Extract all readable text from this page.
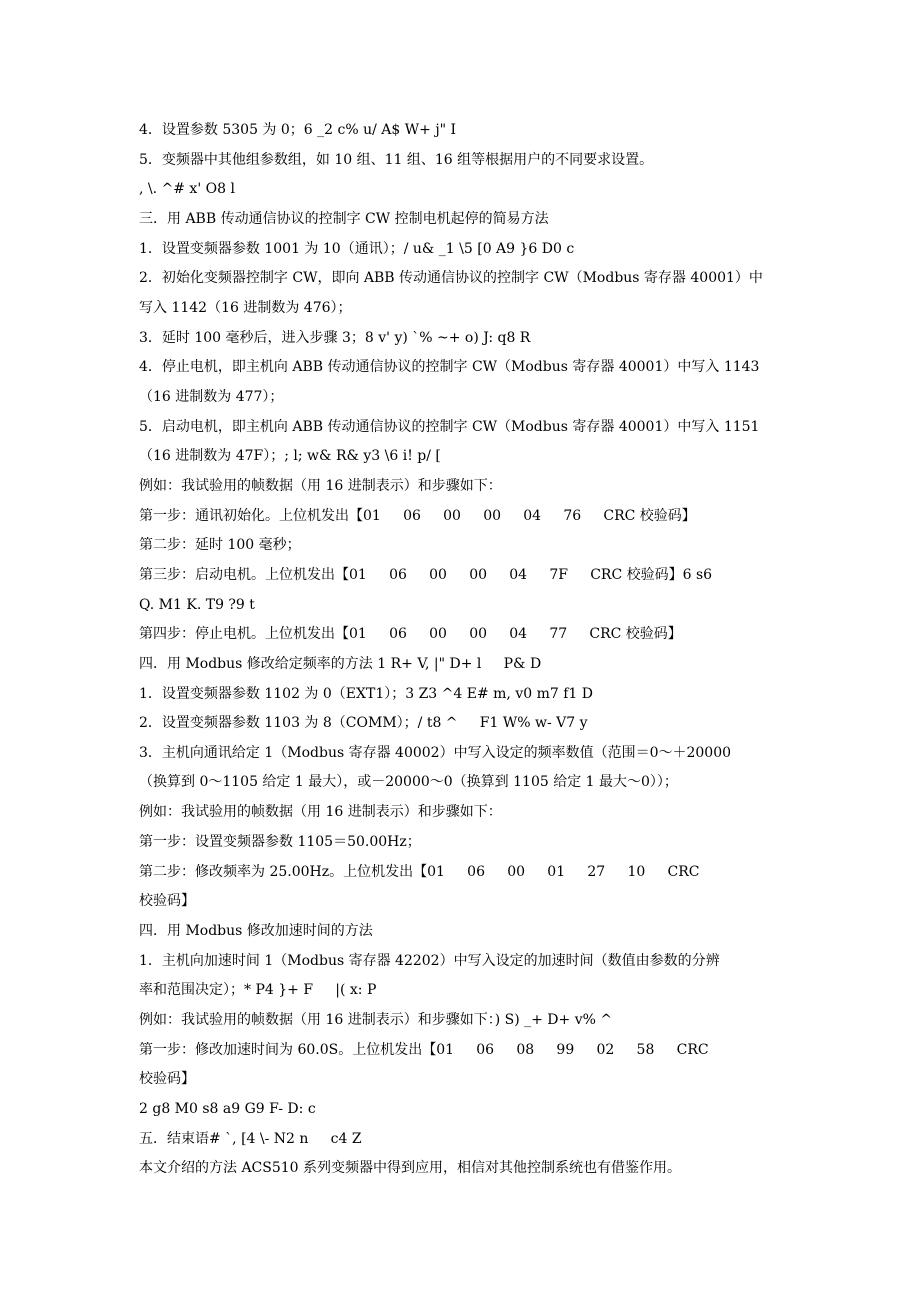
4．设置参数 5305 为 0；6 _2 c% u/ A$ W+ j" I
5．变频器中其他组参数组，如 10 组、11 组、16 组等根据用户的不同要求设置。
, \. ^# x' O8 l
三．用 ABB 传动通信协议的控制字 CW 控制电机起停的简易方法
1．设置变频器参数 1001 为 10（通讯）；/ u& _1 \5 [0 A9 }6 D0 c
2．初始化变频器控制字 CW，即向 ABB 传动通信协议的控制字 CW（Modbus 寄存器 40001）中
写入 1142（16 进制数为 476）；
3．延时 100 毫秒后，进入步骤 3；8 v' y) `% ~+ o) J: q8 R
4．停止电机，即主机向 ABB 传动通信协议的控制字 CW（Modbus 寄存器 40001）中写入 1143
（16 进制数为 477）；
5．启动电机，即主机向 ABB 传动通信协议的控制字 CW（Modbus 寄存器 40001）中写入 1151
（16 进制数为 47F）；; l; w& R& y3 \6 i! p/ [
例如：我试验用的帧数据（用 16 进制表示）和步骤如下：
第一步：通讯初始化。上位机发出【01     06     00     00     04     76     CRC 校验码】
第二步：延时 100 毫秒；
第三步：启动电机。上位机发出【01     06     00     00     04     7F     CRC 校验码】6 s6
Q. M1 K. T9 ?9 t
第四步：停止电机。上位机发出【01     06     00     00     04     77     CRC 校验码】
四．用 Modbus 修改给定频率的方法 1 R+ V, |" D+ l     P& D
1．设置变频器参数 1102 为 0（EXT1）；3 Z3 ^4 E# m, v0 m7 f1 D
2．设置变频器参数 1103 为 8（COMM）；/ t8 ^     F1 W% w- V7 y
3．主机向通讯给定 1（Modbus 寄存器 40002）中写入设定的频率数值（范围＝0～＋20000
（换算到 0～1105 给定 1 最大），或－20000～0（换算到 1105 给定 1 最大～0））；
例如：我试验用的帧数据（用 16 进制表示）和步骤如下：
第一步：设置变频器参数 1105＝50.00Hz；
第二步：修改频率为 25.00Hz。上位机发出【01     06     00     01     27     10     CRC
校验码】
四．用 Modbus 修改加速时间的方法
1．主机向加速时间 1（Modbus 寄存器 42202）中写入设定的加速时间（数值由参数的分辨
率和范围决定）；* P4 }+ F     |( x: P
例如：我试验用的帧数据（用 16 进制表示）和步骤如下：) S) _+ D+ v% ^
第一步：修改加速时间为 60.0S。上位机发出【01     06     08     99     02     58     CRC
校验码】
2 g8 M0 s8 a9 G9 F- D: c
五．结束语# `, [4 \- N2 n     c4 Z
本文介绍的方法 ACS510 系列变频器中得到应用，相信对其他控制系统也有借鉴作用。
